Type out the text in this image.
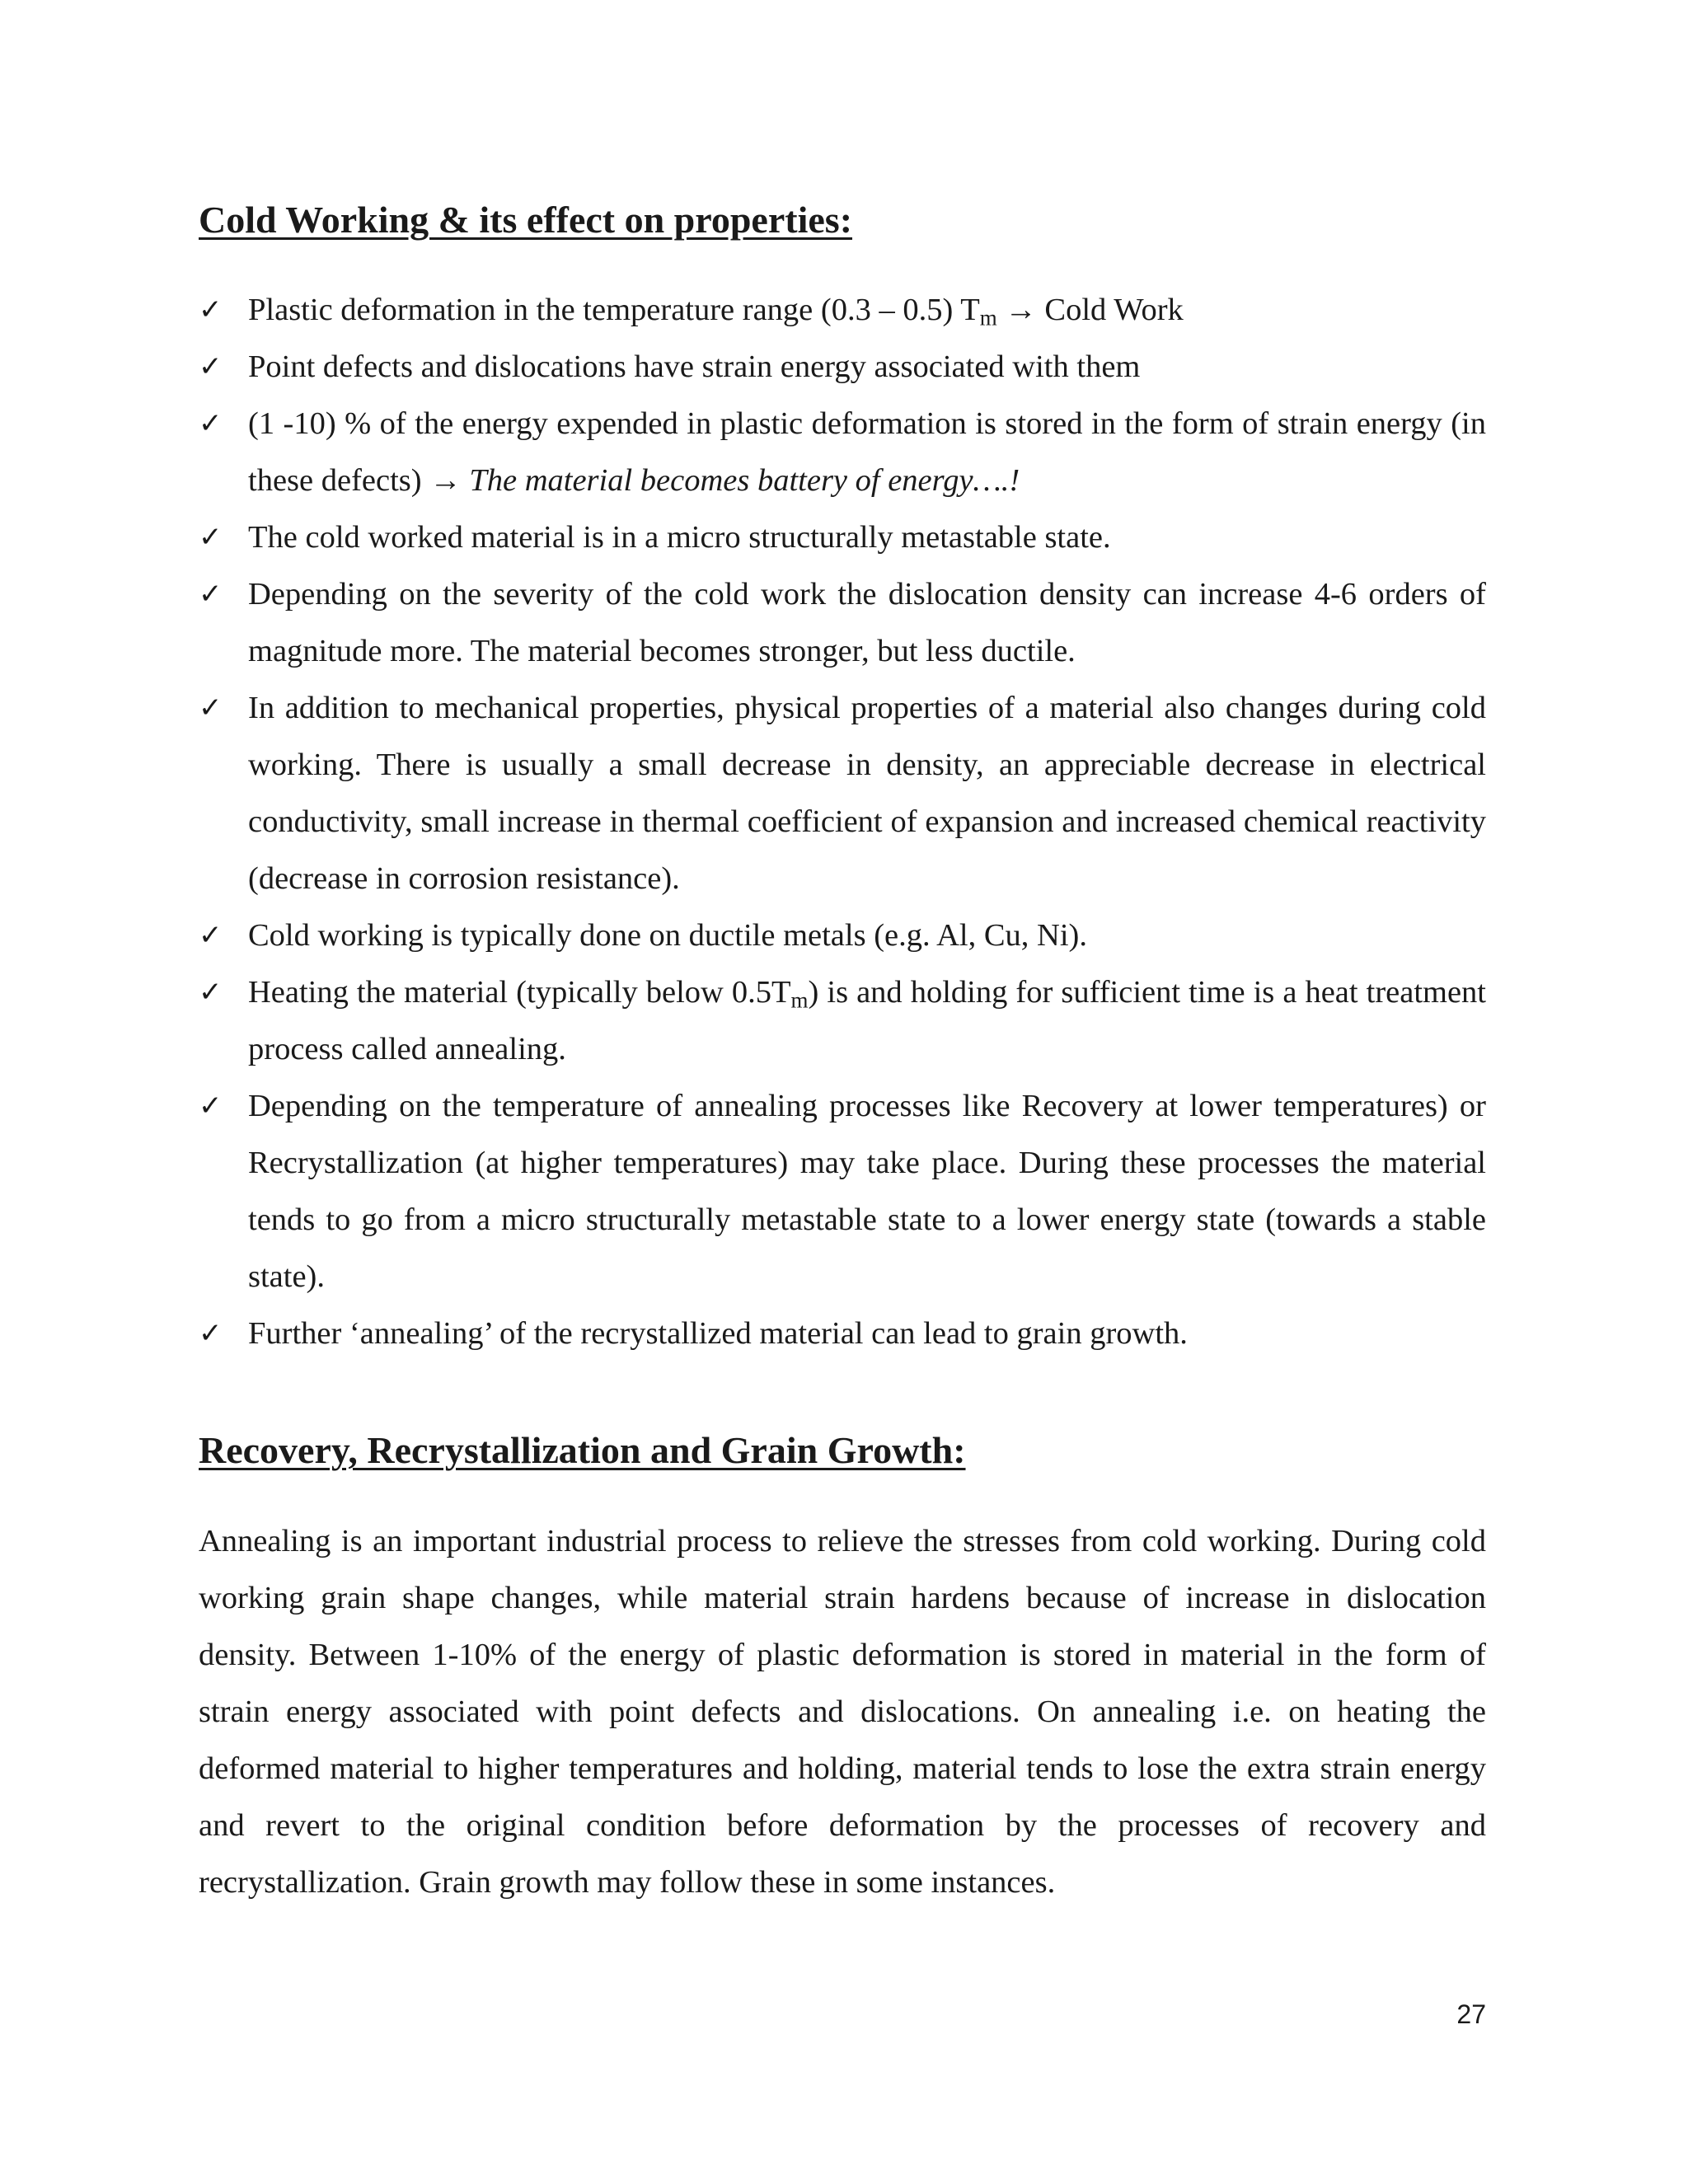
Cold Working & its effect on properties:
✓ Plastic deformation in the temperature range (0.3 – 0.5) $T_m$ → Cold Work
✓ Point defects and dislocations have strain energy associated with them
✓ (1 -10) % of the energy expended in plastic deformation is stored in the form of strain energy (in these defects) → The material becomes battery of energy….!
✓ The cold worked material is in a micro structurally metastable state.
✓ Depending on the severity of the cold work the dislocation density can increase 4-6 orders of magnitude more. The material becomes stronger, but less ductile.
✓ In addition to mechanical properties, physical properties of a material also changes during cold working. There is usually a small decrease in density, an appreciable decrease in electrical conductivity, small increase in thermal coefficient of expansion and increased chemical reactivity (decrease in corrosion resistance).
✓ Cold working is typically done on ductile metals (e.g. Al, Cu, Ni).
✓ Heating the material (typically below $0.5T_m$) is and holding for sufficient time is a heat treatment process called annealing.
✓ Depending on the temperature of annealing processes like Recovery at lower temperatures) or Recrystallization (at higher temperatures) may take place. During these processes the material tends to go from a micro structurally metastable state to a lower energy state (towards a stable state).
✓ Further ‘annealing’ of the recrystallized material can lead to grain growth.
Recovery, Recrystallization and Grain Growth:

Annealing is an important industrial process to relieve the stresses from cold working. During cold working grain shape changes, while material strain hardens because of increase in dislocation density. Between 1-10% of the energy of plastic deformation is stored in material in the form of strain energy associated with point defects and dislocations. On annealing i.e. on heating the deformed material to higher temperatures and holding, material tends to lose the extra strain energy and revert to the original condition before deformation by the processes of recovery and recrystallization. Grain growth may follow these in some instances.

27
